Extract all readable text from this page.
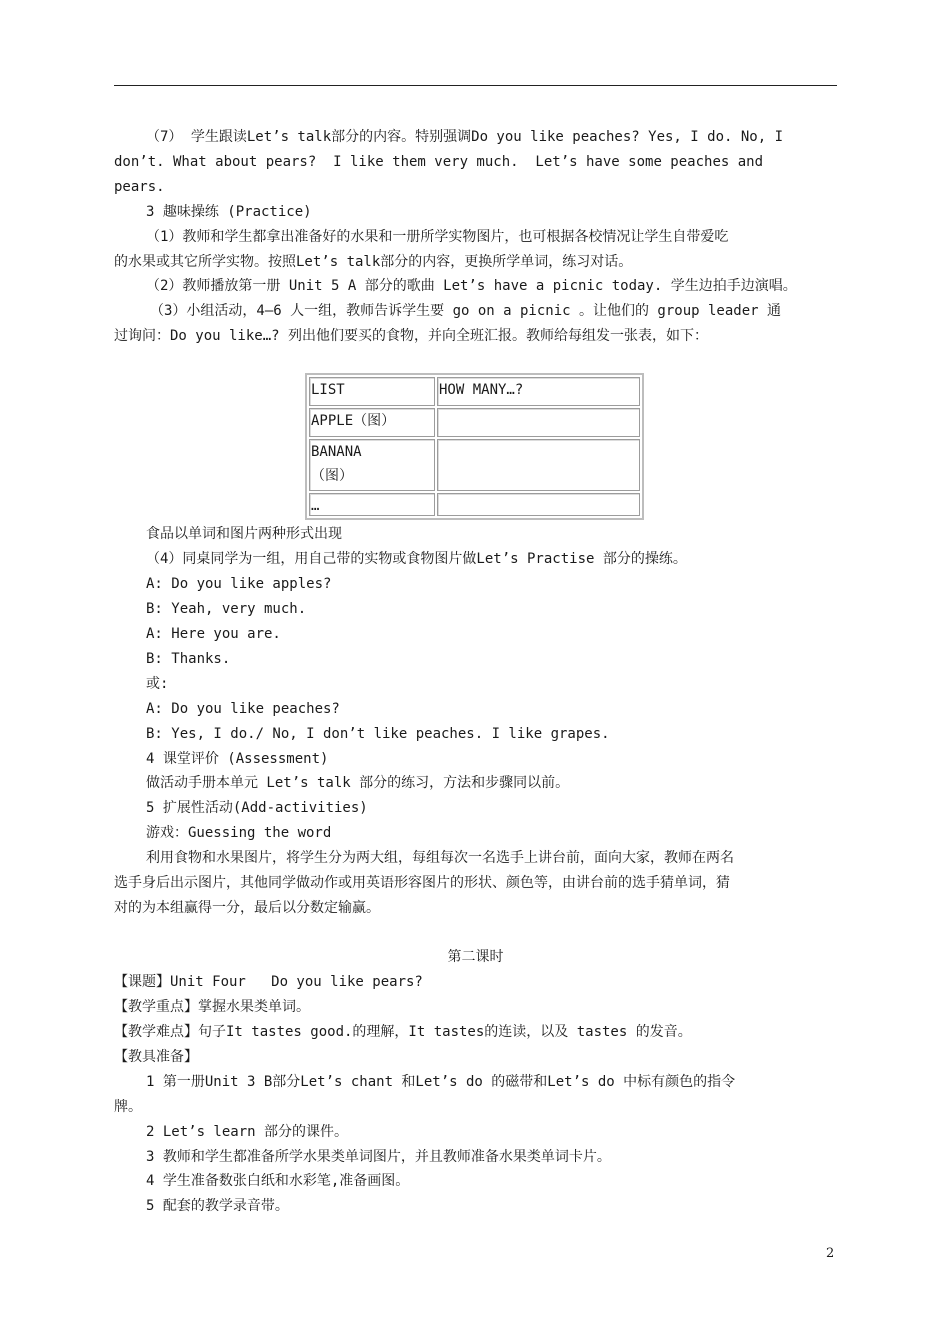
（7） 学生跟读Let’s talk部分的内容。特别强调Do you like peaches? Yes, I do. No, I
don’t. What about pears?  I like them very much.  Let’s have some peaches and
pears.
3 趣味操练 (Practice)
（1）教师和学生都拿出准备好的水果和一册所学实物图片，也可根据各校情况让学生自带爱吃
的水果或其它所学实物。按照Let’s talk部分的内容，更换所学单词，练习对话。
（2）教师播放第一册 Unit 5 A 部分的歌曲 Let’s have a picnic today. 学生边拍手边演唱。
（3）小组活动，4—6 人一组，教师告诉学生要 go on a picnic 。让他们的 group leader 通
过询问：Do you like…? 列出他们要买的食物，并向全班汇报。教师给每组发一张表，如下：
LIST	HOW MANY…?
APPLE（图）
BANANA
（图）
…
食品以单词和图片两种形式出现
（4）同桌同学为一组，用自己带的实物或食物图片做Let’s Practise 部分的操练。
A: Do you like apples?
B: Yeah, very much.
A: Here you are.
B: Thanks.
或:
A: Do you like peaches?
B: Yes, I do./ No, I don’t like peaches. I like grapes.
4 课堂评价 (Assessment)
做活动手册本单元 Let’s talk 部分的练习，方法和步骤同以前。
5 扩展性活动(Add-activities)
游戏：Guessing the word
利用食物和水果图片，将学生分为两大组，每组每次一名选手上讲台前，面向大家，教师在两名
选手身后出示图片，其他同学做动作或用英语形容图片的形状、颜色等，由讲台前的选手猜单词，猜
对的为本组赢得一分，最后以分数定输赢。
第二课时
【课题】Unit Four   Do you like pears?
【教学重点】掌握水果类单词。
【教学难点】句子It tastes good.的理解，It tastes的连读，以及 tastes 的发音。
【教具准备】
1 第一册Unit 3 B部分Let’s chant 和Let’s do 的磁带和Let’s do 中标有颜色的指令
牌。
2 Let’s learn 部分的课件。
3 教师和学生都准备所学水果类单词图片，并且教师准备水果类单词卡片。
4 学生准备数张白纸和水彩笔,准备画图。
5 配套的教学录音带。
2
